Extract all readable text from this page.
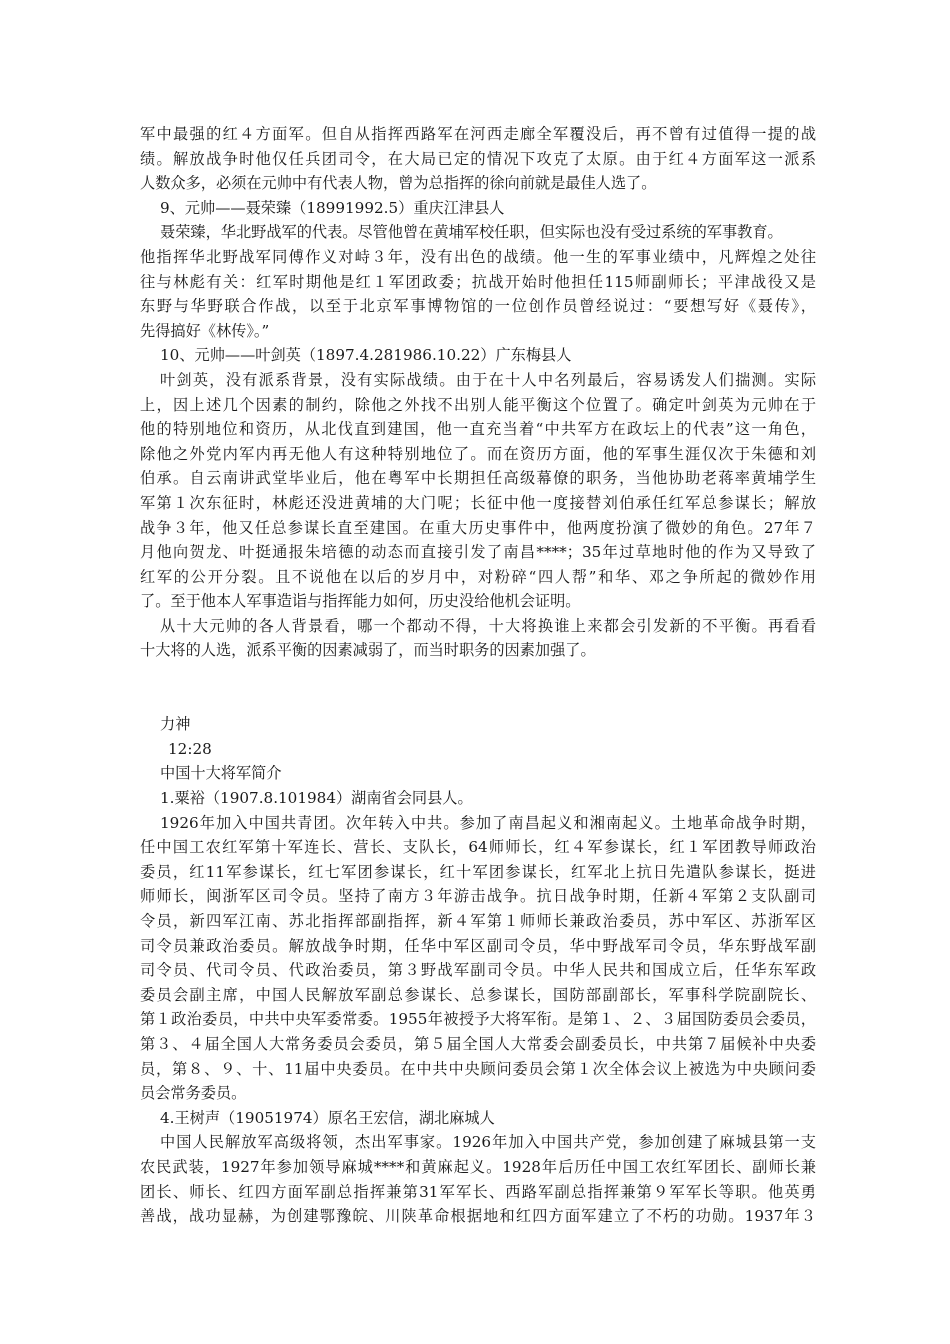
军中最强的红４方面军。但自从指挥西路军在河西走廊全军覆没后，再不曾有过值得一提的战
绩。解放战争时他仅任兵团司令，在大局已定的情况下攻克了太原。由于红４方面军这一派系
人数众多，必须在元帅中有代表人物，曾为总指挥的徐向前就是最佳人选了。
9、元帅——聂荣臻（18991992.5）重庆江津县人
聂荣臻，华北野战军的代表。尽管他曾在黄埔军校任职，但实际也没有受过系统的军事教育。
他指挥华北野战军同傅作义对峙３年，没有出色的战绩。他一生的军事业绩中，凡辉煌之处往
往与林彪有关：红军时期他是红１军团政委；抗战开始时他担任115师副师长；平津战役又是
东野与华野联合作战，以至于北京军事博物馆的一位创作员曾经说过：“要想写好《聂传》，
先得搞好《林传》。”
10、元帅——叶剑英（1897.4.281986.10.22）广东梅县人
叶剑英，没有派系背景，没有实际战绩。由于在十人中名列最后，容易诱发人们揣测。实际
上，因上述几个因素的制约，除他之外找不出别人能平衡这个位置了。确定叶剑英为元帅在于
他的特别地位和资历，从北伐直到建国，他一直充当着“中共军方在政坛上的代表”这一角色，
除他之外党内军内再无他人有这种特别地位了。而在资历方面，他的军事生涯仅次于朱德和刘
伯承。自云南讲武堂毕业后，他在粤军中长期担任高级幕僚的职务，当他协助老蒋率黄埔学生
军第１次东征时，林彪还没进黄埔的大门呢；长征中他一度接替刘伯承任红军总参谋长；解放
战争３年，他又任总参谋长直至建国。在重大历史事件中，他两度扮演了微妙的角色。27年７
月他向贺龙、叶挺通报朱培德的动态而直接引发了南昌****；35年过草地时他的作为又导致了
红军的公开分裂。且不说他在以后的岁月中，对粉碎“四人帮”和华、邓之争所起的微妙作用
了。至于他本人军事造诣与指挥能力如何，历史没给他机会证明。
从十大元帅的各人背景看，哪一个都动不得，十大将换谁上来都会引发新的不平衡。再看看
十大将的人选，派系平衡的因素减弱了，而当时职务的因素加强了。
力神
12:28
中国十大将军简介
1.粟裕（1907.8.101984）湖南省会同县人。
1926年加入中国共青团。次年转入中共。参加了南昌起义和湘南起义。土地革命战争时期，
任中国工农红军第十军连长、营长、支队长，64师师长，红４军参谋长，红１军团教导师政治
委员，红11军参谋长，红七军团参谋长，红十军团参谋长，红军北上抗日先遣队参谋长，挺进
师师长，闽浙军区司令员。坚持了南方３年游击战争。抗日战争时期，任新４军第２支队副司
令员，新四军江南、苏北指挥部副指挥，新４军第１师师长兼政治委员，苏中军区、苏浙军区
司令员兼政治委员。解放战争时期，任华中军区副司令员，华中野战军司令员，华东野战军副
司令员、代司令员、代政治委员，第３野战军副司令员。中华人民共和国成立后，任华东军政
委员会副主席，中国人民解放军副总参谋长、总参谋长，国防部副部长，军事科学院副院长、
第１政治委员，中共中央军委常委。1955年被授予大将军衔。是第１、２、３届国防委员会委员，
第３、４届全国人大常务委员会委员，第５届全国人大常委会副委员长，中共第７届候补中央委
员，第８、９、十、11届中央委员。在中共中央顾问委员会第１次全体会议上被选为中央顾问委
员会常务委员。
4.王树声（19051974）原名王宏信，湖北麻城人
中国人民解放军高级将领，杰出军事家。1926年加入中国共产党，参加创建了麻城县第一支
农民武装，1927年参加领导麻城****和黄麻起义。1928年后历任中国工农红军团长、副师长兼
团长、师长、红四方面军副总指挥兼第31军军长、西路军副总指挥兼第９军军长等职。他英勇
善战，战功显赫，为创建鄂豫皖、川陕革命根据地和红四方面军建立了不朽的功勋。1937年３
